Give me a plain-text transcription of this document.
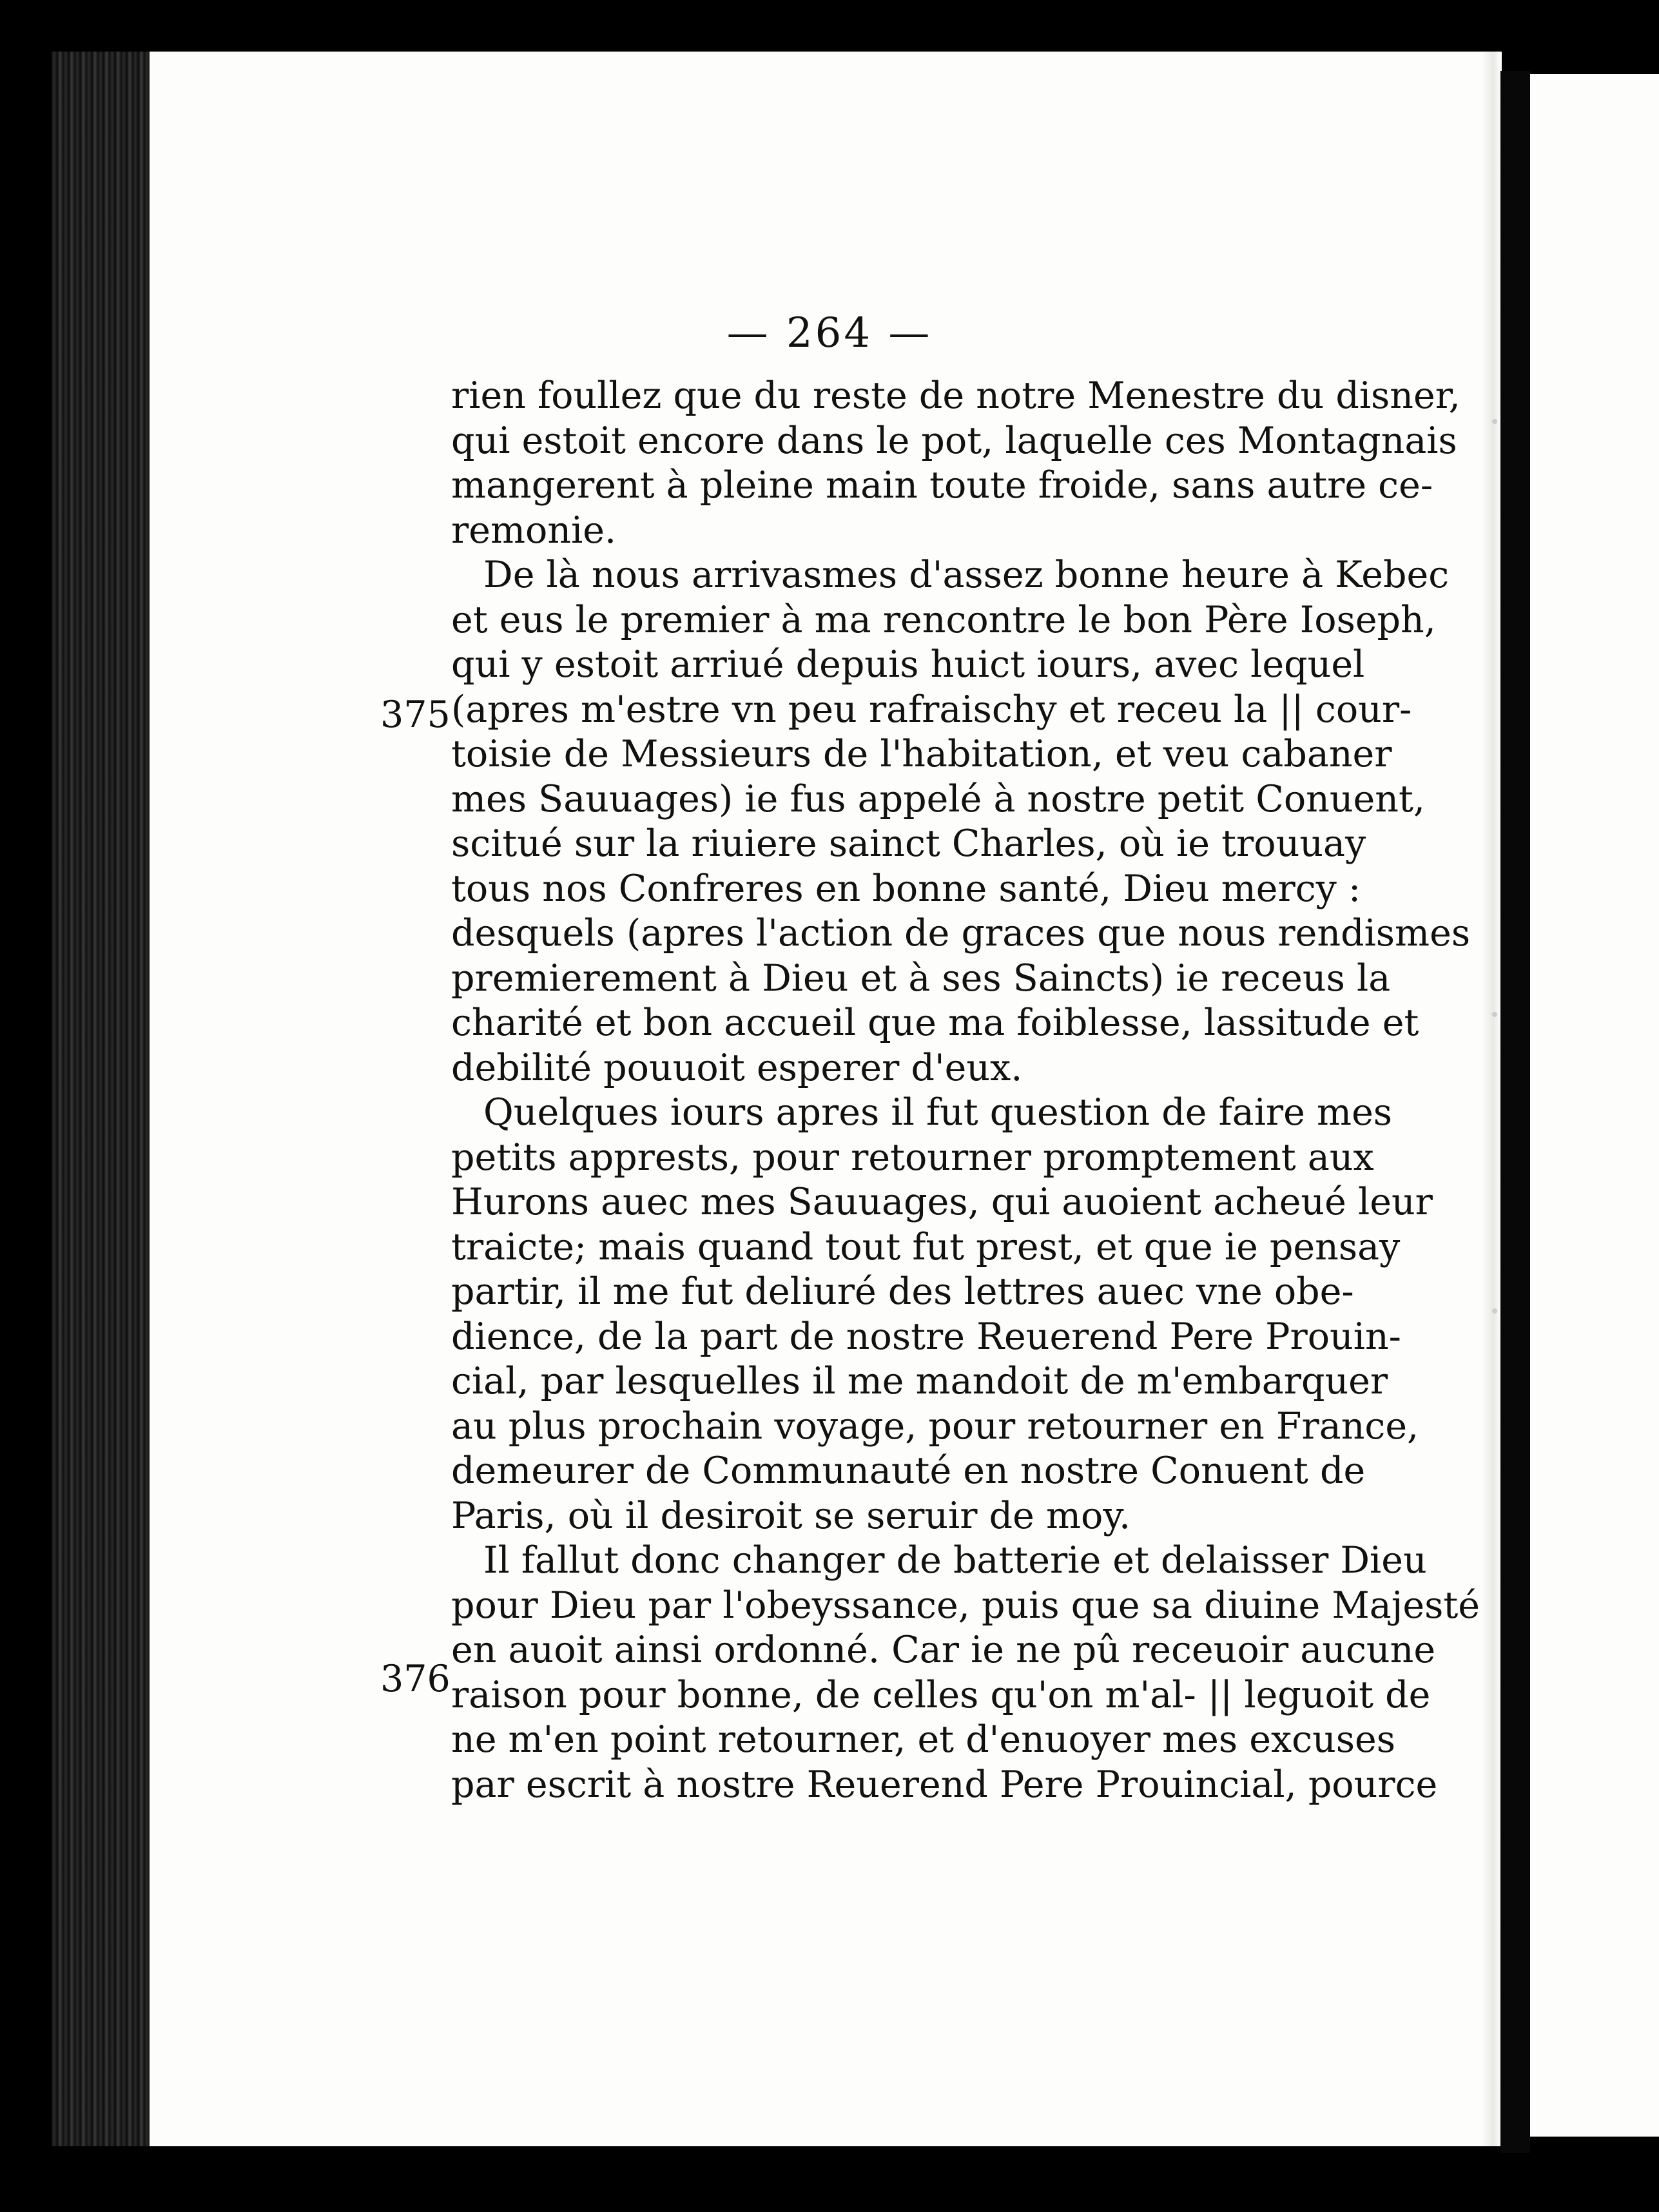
— 264 —
375
376
rien foullez que du reste de notre Menestre du disner,
qui estoit encore dans le pot, laquelle ces Montagnais
mangerent à pleine main toute froide, sans autre ce-
remonie.
De là nous arrivasmes d'assez bonne heure à Kebec
et eus le premier à ma rencontre le bon Père Ioseph,
qui y estoit arriué depuis huict iours, avec lequel
(apres m'estre vn peu rafraischy et receu la || cour-
toisie de Messieurs de l'habitation, et veu cabaner
mes Sauuages) ie fus appelé à nostre petit Conuent,
scitué sur la riuiere sainct Charles, où ie trouuay
tous nos Confreres en bonne santé, Dieu mercy :
desquels (apres l'action de graces que nous rendismes
premierement à Dieu et à ses Saincts) ie receus la
charité et bon accueil que ma foiblesse, lassitude et
debilité pouuoit esperer d'eux.
Quelques iours apres il fut question de faire mes
petits apprests, pour retourner promptement aux
Hurons auec mes Sauuages, qui auoient acheué leur
traicte; mais quand tout fut prest, et que ie pensay
partir, il me fut deliuré des lettres auec vne obe-
dience, de la part de nostre Reuerend Pere Prouin-
cial, par lesquelles il me mandoit de m'embarquer
au plus prochain voyage, pour retourner en France,
demeurer de Communauté en nostre Conuent de
Paris, où il desiroit se seruir de moy.
Il fallut donc changer de batterie et delaisser Dieu
pour Dieu par l'obeyssance, puis que sa diuine Majesté
en auoit ainsi ordonné. Car ie ne pû receuoir aucune
raison pour bonne, de celles qu'on m'al- || leguoit de
ne m'en point retourner, et d'enuoyer mes excuses
par escrit à nostre Reuerend Pere Prouincial, pource
